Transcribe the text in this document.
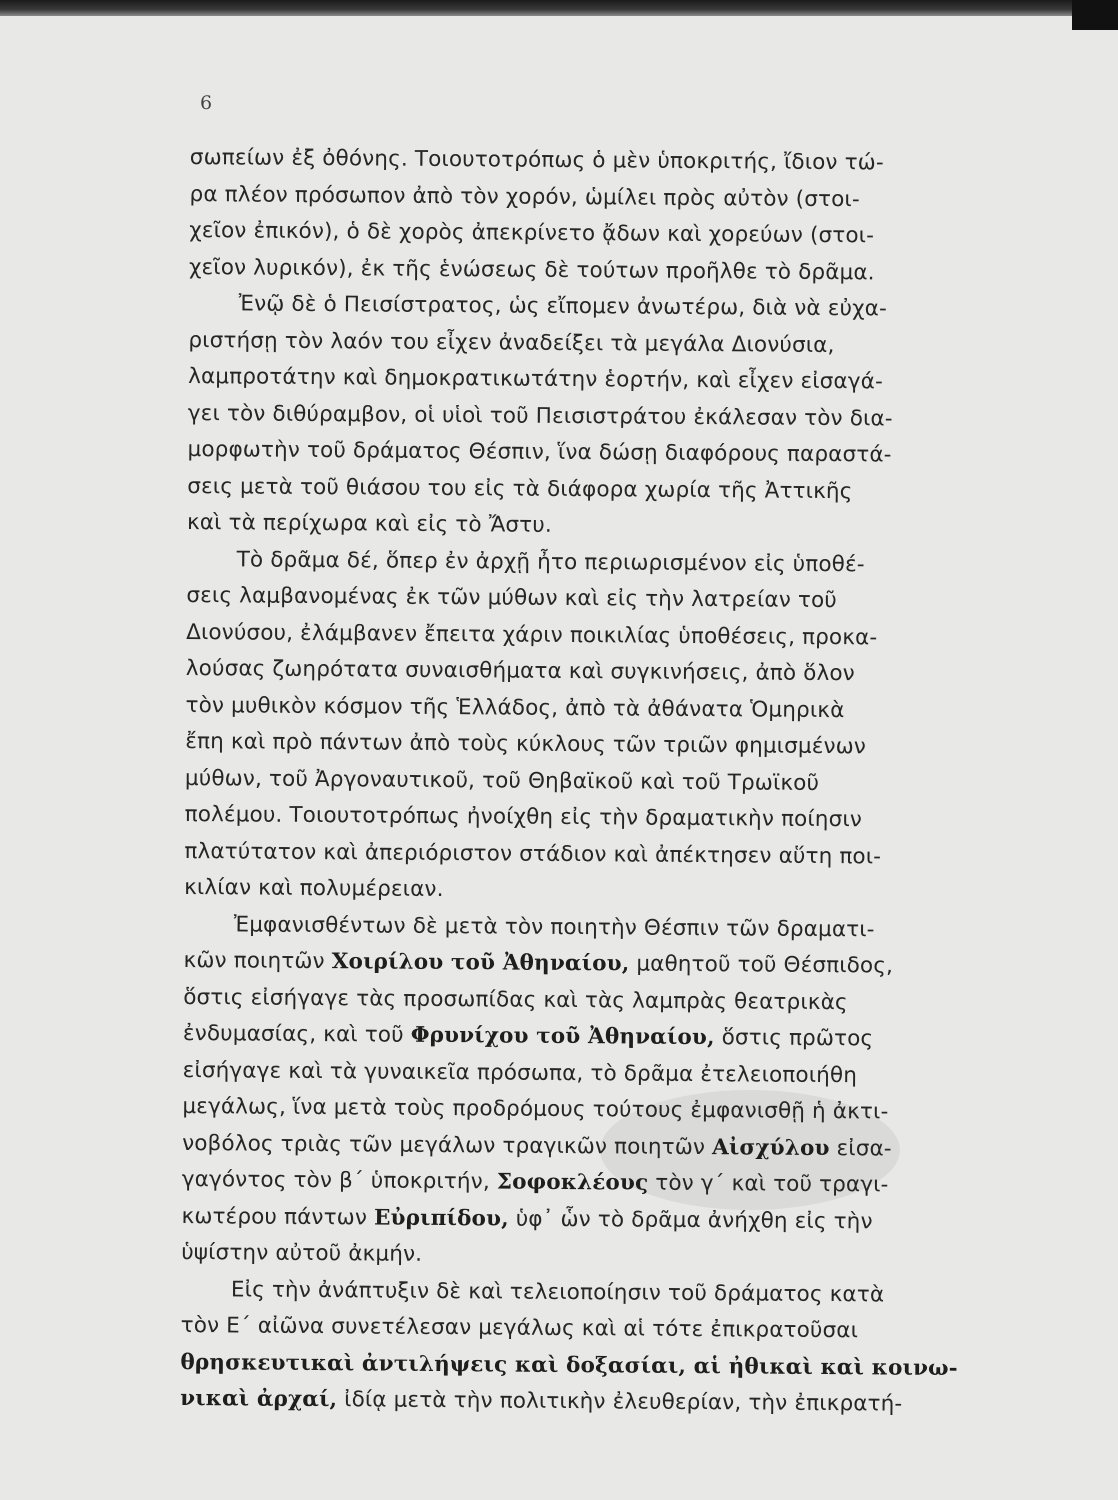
6
σωπείων ἐξ ὀθόνης. Τοιουτοτρόπως ὁ μὲν ὑποκριτής, ἴδιον τώ-
ρα πλέον πρόσωπον ἀπὸ τὸν χορόν, ὡμίλει πρὸς αὐτὸν (στοι-
χεῖον ἐπικόν), ὁ δὲ χορὸς ἀπεκρίνετο ᾄδων καὶ χορεύων (στοι-
χεῖον λυρικόν), ἐκ τῆς ἑνώσεως δὲ τούτων προῆλθε τὸ δρᾶμα.
Ἐνῷ δὲ ὁ Πεισίστρατος, ὡς εἴπομεν ἀνωτέρω, διὰ νὰ εὐχα-
ριστήσῃ τὸν λαόν του εἶχεν ἀναδείξει τὰ μεγάλα Διονύσια,
λαμπροτάτην καὶ δημοκρατικωτάτην ἑορτήν, καὶ εἶχεν εἰσαγά-
γει τὸν διθύραμβον, οἱ υἱοὶ τοῦ Πεισιστράτου ἐκάλεσαν τὸν δια-
μορφωτὴν τοῦ δράματος Θέσπιν, ἵνα δώσῃ διαφόρους παραστά-
σεις μετὰ τοῦ θιάσου του εἰς τὰ διάφορα χωρία τῆς Ἀττικῆς
καὶ τὰ περίχωρα καὶ εἰς τὸ Ἄστυ.
Τὸ δρᾶμα δέ, ὅπερ ἐν ἀρχῇ ἦτο περιωρισμένον εἰς ὑποθέ-
σεις λαμβανομένας ἐκ τῶν μύθων καὶ εἰς τὴν λατρείαν τοῦ
Διονύσου, ἐλάμβανεν ἔπειτα χάριν ποικιλίας ὑποθέσεις, προκα-
λούσας ζωηρότατα συναισθήματα καὶ συγκινήσεις, ἀπὸ ὅλον
τὸν μυθικὸν κόσμον τῆς Ἑλλάδος, ἀπὸ τὰ ἀθάνατα Ὁμηρικὰ
ἔπη καὶ πρὸ πάντων ἀπὸ τοὺς κύκλους τῶν τριῶν φημισμένων
μύθων, τοῦ Ἀργοναυτικοῦ, τοῦ Θηβαϊκοῦ καὶ τοῦ Τρωϊκοῦ
πολέμου. Τοιουτοτρόπως ἠνοίχθη εἰς τὴν δραματικὴν ποίησιν
πλατύτατον καὶ ἀπεριόριστον στάδιον καὶ ἀπέκτησεν αὕτη ποι-
κιλίαν καὶ πολυμέρειαν.
Ἐμφανισθέντων δὲ μετὰ τὸν ποιητὴν Θέσπιν τῶν δραματι-
κῶν ποιητῶν Χοιρίλου τοῦ Ἀθηναίου, μαθητοῦ τοῦ Θέσπιδος,
ὅστις εἰσήγαγε τὰς προσωπίδας καὶ τὰς λαμπρὰς θεατρικὰς
ἐνδυμασίας, καὶ τοῦ Φρυνίχου τοῦ Ἀθηναίου, ὅστις πρῶτος
εἰσήγαγε καὶ τὰ γυναικεῖα πρόσωπα, τὸ δρᾶμα ἐτελειοποιήθη
μεγάλως, ἵνα μετὰ τοὺς προδρόμους τούτους ἐμφανισθῇ ἡ ἀκτι-
νοβόλος τριὰς τῶν μεγάλων τραγικῶν ποιητῶν Αἰσχύλου εἰσα-
γαγόντος τὸν β΄ ὑποκριτήν, Σοφοκλέους τὸν γ΄ καὶ τοῦ τραγι-
κωτέρου πάντων Εὐριπίδου, ὑφ᾽ ὧν τὸ δρᾶμα ἀνήχθη εἰς τὴν
ὑψίστην αὐτοῦ ἀκμήν.
Εἰς τὴν ἀνάπτυξιν δὲ καὶ τελειοποίησιν τοῦ δράματος κατὰ
τὸν Ε΄ αἰῶνα συνετέλεσαν μεγάλως καὶ αἱ τότε ἐπικρατοῦσαι
θρησκευτικαὶ ἀντιλήψεις καὶ δοξασίαι, αἱ ἠθικαὶ καὶ κοινω-
νικαὶ ἀρχαί, ἰδίᾳ μετὰ τὴν πολιτικὴν ἐλευθερίαν, τὴν ἐπικρατή-
